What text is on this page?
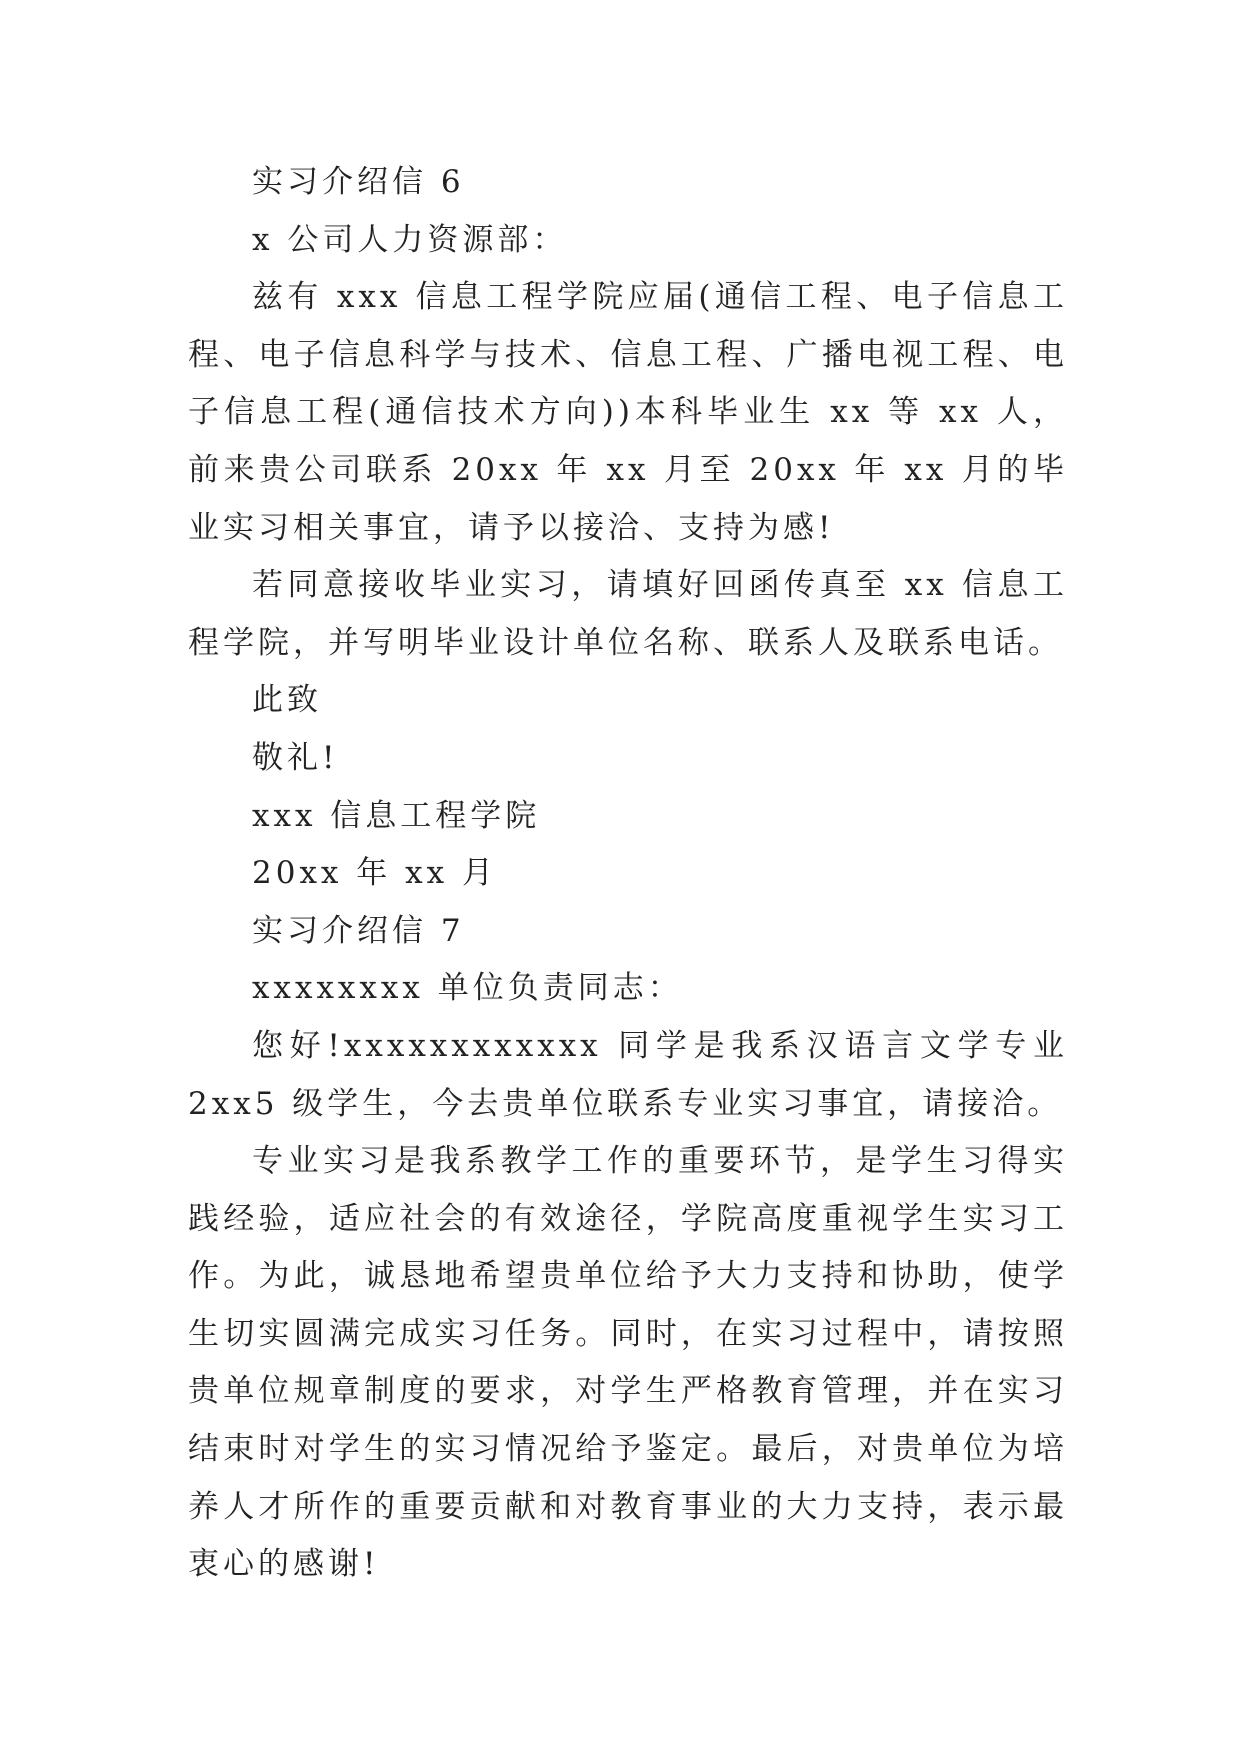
实习介绍信 6

x 公司人力资源部：

兹有 xxx 信息工程学院应届(通信工程、电子信息工程、电子信息科学与技术、信息工程、广播电视工程、电子信息工程(通信技术方向))本科毕业生 xx 等 xx 人，前来贵公司联系 20xx 年 xx 月至 20xx 年 xx 月的毕业实习相关事宜，请予以接洽、支持为感!

若同意接收毕业实习，请填好回函传真至 xx 信息工程学院，并写明毕业设计单位名称、联系人及联系电话。

此致

敬礼!

xxx 信息工程学院

20xx 年 xx 月

实习介绍信 7

xxxxxxxx 单位负责同志：

您好!xxxxxxxxxxxx 同学是我系汉语言文学专业 2xx5 级学生，今去贵单位联系专业实习事宜，请接洽。

专业实习是我系教学工作的重要环节，是学生习得实践经验，适应社会的有效途径，学院高度重视学生实习工作。为此，诚恳地希望贵单位给予大力支持和协助，使学生切实圆满完成实习任务。同时，在实习过程中，请按照贵单位规章制度的要求，对学生严格教育管理，并在实习结束时对学生的实习情况给予鉴定。最后，对贵单位为培养人才所作的重要贡献和对教育事业的大力支持，表示最衷心的感谢!
